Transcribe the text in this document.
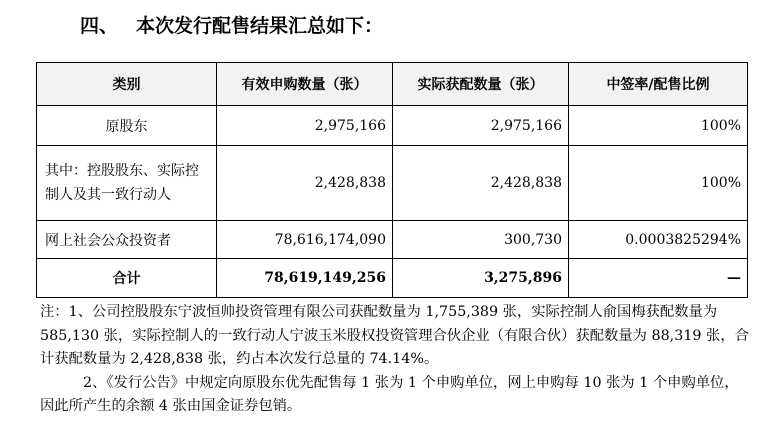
四、 本次发行配售结果汇总如下：
类别	有效申购数量（张）	实际获配数量（张）	中签率/配售比例
原股东	2,975,166	2,975,166	100%
其中：控股股东、实际控制人及其一致行动人	2,428,838	2,428,838	100%
网上社会公众投资者	78,616,174,090	300,730	0.0003825294%
合计	78,619,149,256	3,275,896	—

注：1、公司控股股东宁波恒帅投资管理有限公司获配数量为 1,755,389 张，实际控制人俞国梅获配数量为 585,130 张，实际控制人的一致行动人宁波玉米股权投资管理合伙企业（有限合伙）获配数量为 88,319 张，合计获配数量为 2,428,838 张，约占本次发行总量的 74.14%。

2、《发行公告》中规定向原股东优先配售每 1 张为 1 个申购单位，网上申购每 10 张为 1 个申购单位，因此所产生的余额 4 张由国金证券包销。
